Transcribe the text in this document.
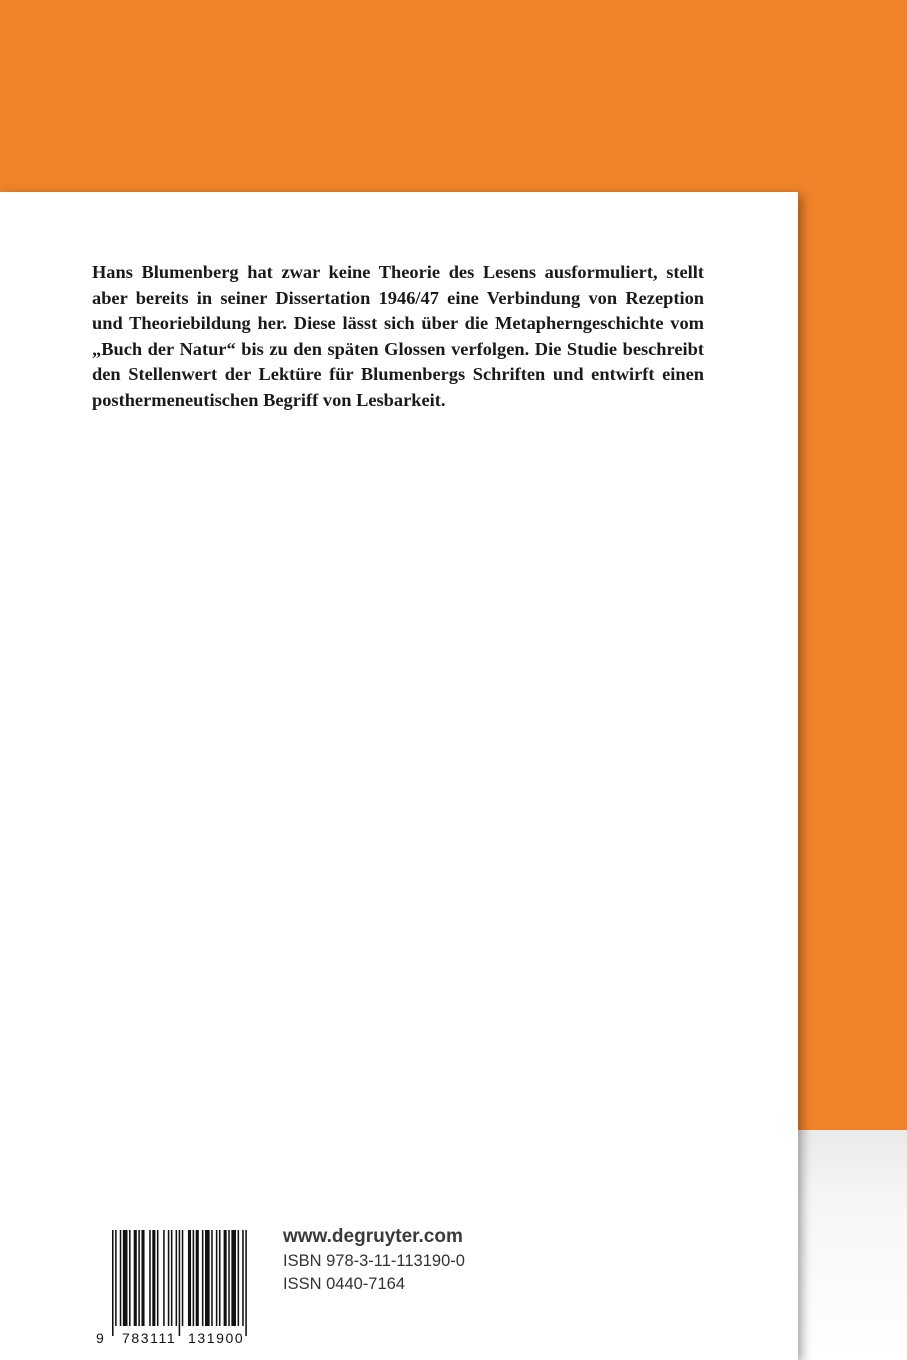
Hans Blumenberg hat zwar keine Theorie des Lesens ausformuliert, stellt
aber bereits in seiner Dissertation 1946/47 eine Verbindung von Rezeption
und Theoriebildung her. Diese lässt sich über die Metapherngeschichte vom
„Buch der Natur“ bis zu den späten Glossen verfolgen. Die Studie beschreibt
den Stellenwert der Lektüre für Blumenbergs Schriften und entwirft einen
posthermeneutischen Begriff von Lesbarkeit.

9 783111 131900
www.degruyter.com
ISBN 978-3-11-113190-0
ISSN 0440-7164
